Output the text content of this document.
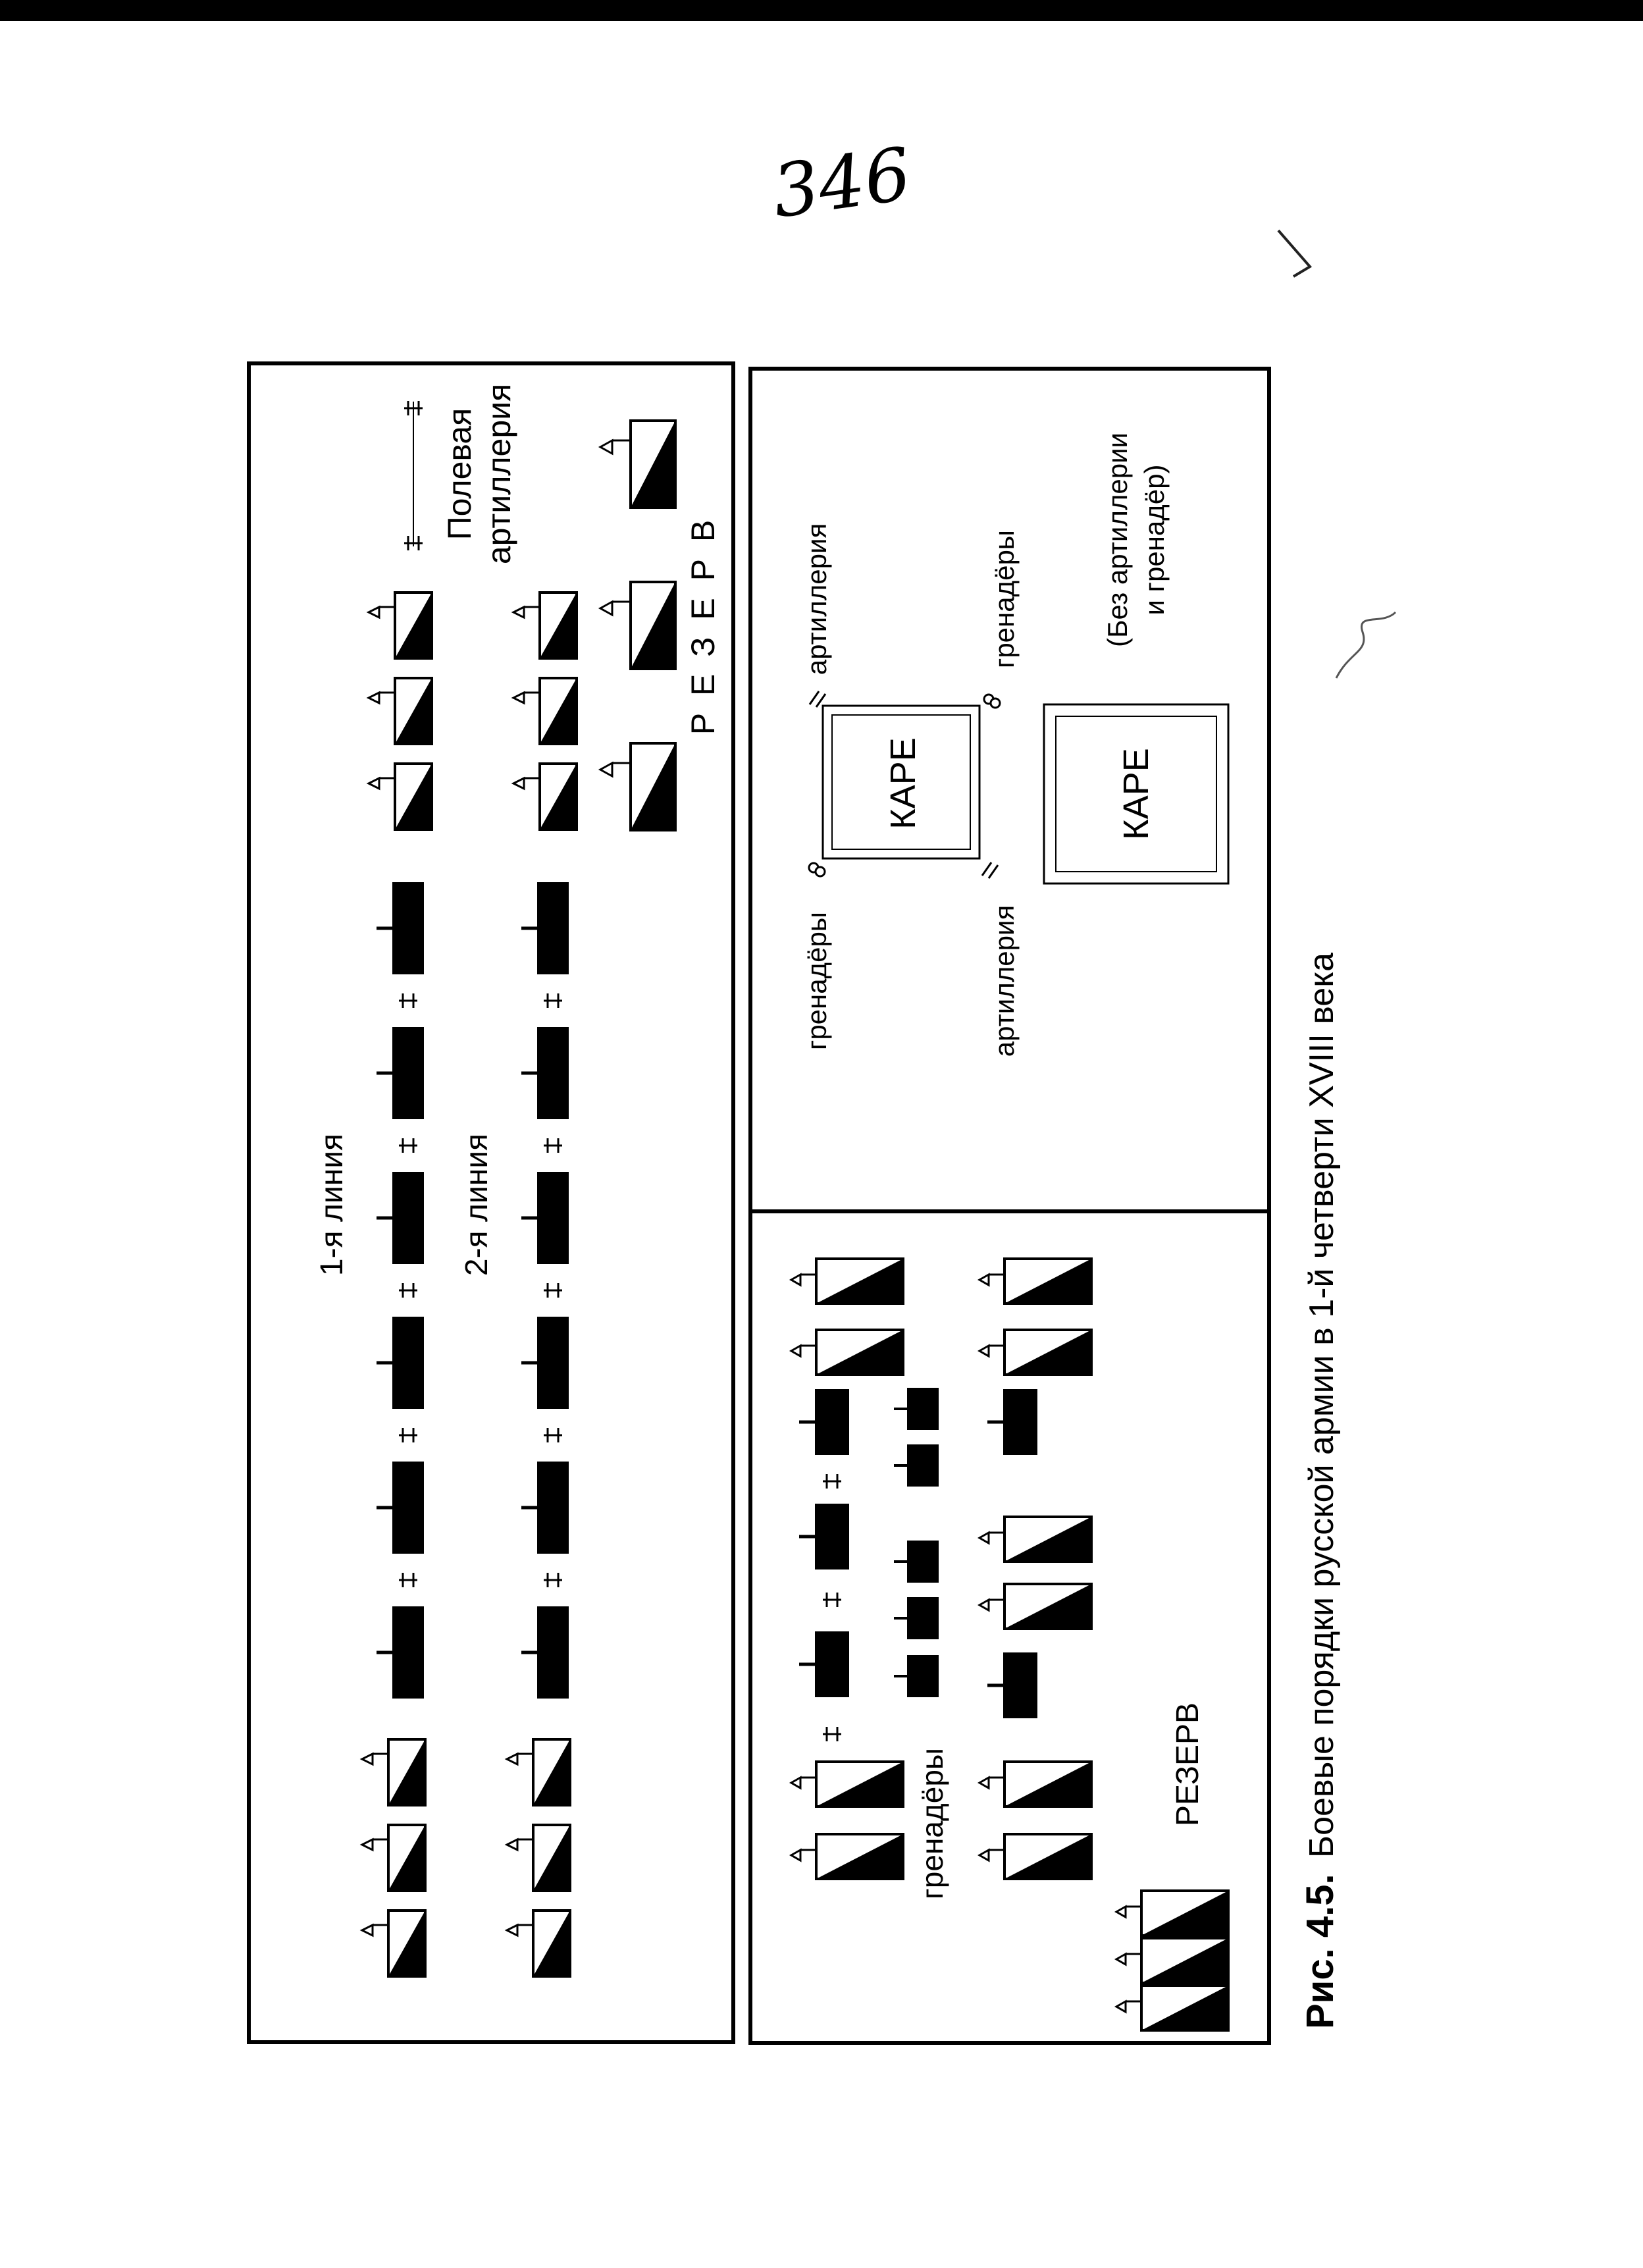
346
1-я линия	2-я линия
Полевая артиллерия
Р Е З Е Р В
гренадёры	РЕЗЕРВ
КАРЕ	КАРЕ
артиллерия	гренадёры
гренадёры	артиллерия
(Без артиллерии и гренадёр)
Рис. 4.5.
Боевые порядки русской армии в 1-й четверти XVIII века
